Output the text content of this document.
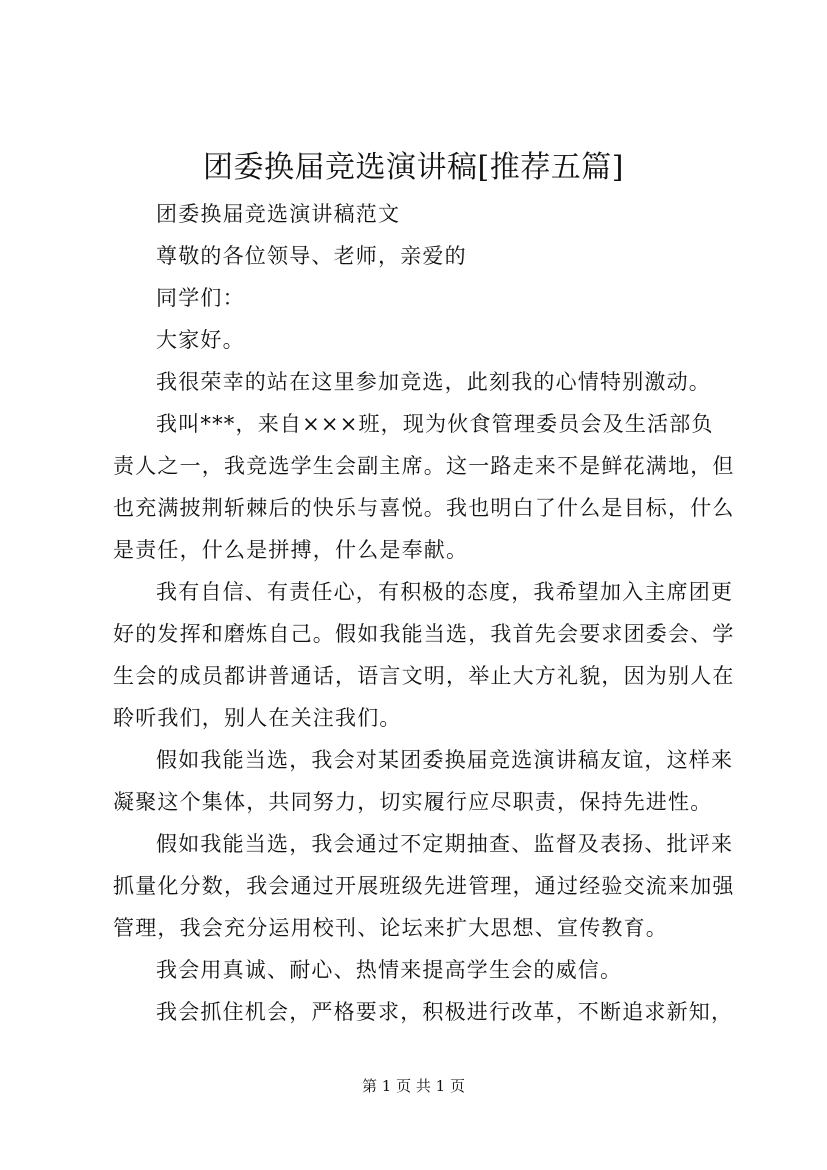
团委换届竞选演讲稿[推荐五篇]

团委换届竞选演讲稿范文

尊敬的各位领导、老师，亲爱的

同学们：

大家好。

我很荣幸的站在这里参加竞选，此刻我的心情特别激动。

我叫***，来自×××班，现为伙食管理委员会及生活部负

责人之一，我竞选学生会副主席。这一路走来不是鲜花满地，但

也充满披荆斩棘后的快乐与喜悦。我也明白了什么是目标，什么

是责任，什么是拼搏，什么是奉献。

我有自信、有责任心，有积极的态度，我希望加入主席团更

好的发挥和磨炼自己。假如我能当选，我首先会要求团委会、学

生会的成员都讲普通话，语言文明，举止大方礼貌，因为别人在

聆听我们，别人在关注我们。

假如我能当选，我会对某团委换届竞选演讲稿友谊，这样来

凝聚这个集体，共同努力，切实履行应尽职责，保持先进性。

假如我能当选，我会通过不定期抽查、监督及表扬、批评来

抓量化分数，我会通过开展班级先进管理，通过经验交流来加强

管理，我会充分运用校刊、论坛来扩大思想、宣传教育。

我会用真诚、耐心、热情来提高学生会的威信。

我会抓住机会，严格要求，积极进行改革，不断追求新知，

第 1 页 共 1 页
